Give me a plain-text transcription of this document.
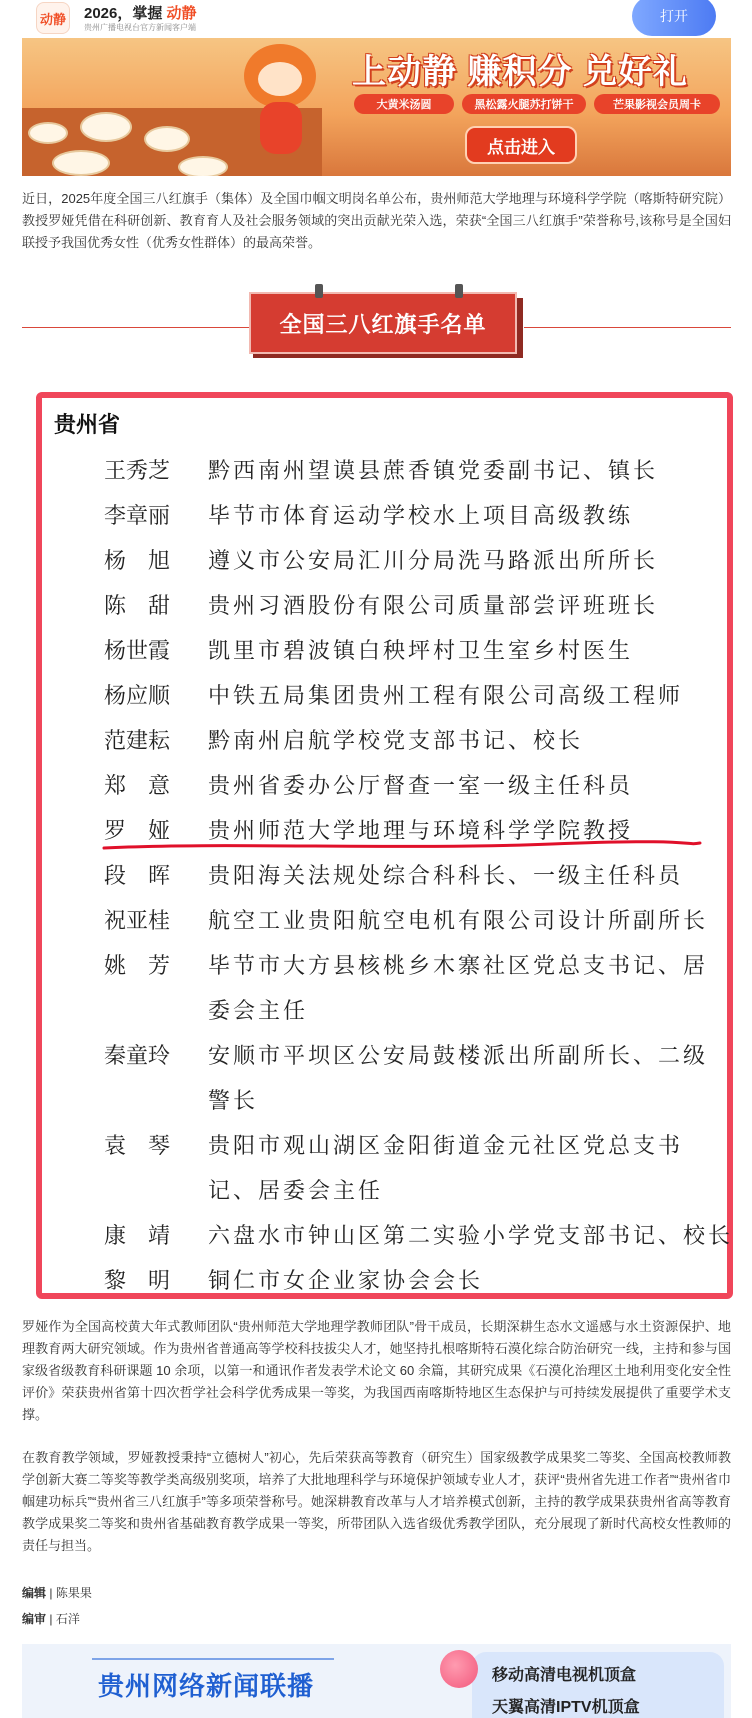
动静 2026，掌握 动静
贵州广播电视台官方新闻客户端
打开
上动静 赚积分 兑好礼
大黄米汤圆	黑松露火腿苏打饼干	芒果影视会员周卡
点击进入

近日，2025年度全国三八红旗手（集体）及全国巾帼文明岗名单公布，贵州师范大学地理与环境科学学院（喀斯特研究院）教授罗娅凭借在科研创新、教育育人及社会服务领域的突出贡献光荣入选，荣获“全国三八红旗手”荣誉称号,该称号是全国妇联授予我国优秀女性（优秀女性群体）的最高荣誉。

全国三八红旗手名单
贵州省
王秀芝	黔西南州望谟县蔗香镇党委副书记、镇长
李章丽	毕节市体育运动学校水上项目高级教练
杨　旭	遵义市公安局汇川分局洗马路派出所所长
陈　甜	贵州习酒股份有限公司质量部尝评班班长
杨世霞	凯里市碧波镇白秧坪村卫生室乡村医生
杨应顺	中铁五局集团贵州工程有限公司高级工程师
范建耘	黔南州启航学校党支部书记、校长
郑　意	贵州省委办公厅督查一室一级主任科员
罗　娅	贵州师范大学地理与环境科学学院教授
段　晖	贵阳海关法规处综合科科长、一级主任科员
祝亚桂	航空工业贵阳航空电机有限公司设计所副所长
姚　芳	毕节市大方县核桃乡木寨社区党总支书记、居
委会主任
秦童玲	安顺市平坝区公安局鼓楼派出所副所长、二级
警长
袁　琴	贵阳市观山湖区金阳街道金元社区党总支书
记、居委会主任
康　靖	六盘水市钟山区第二实验小学党支部书记、校长
黎　明	铜仁市女企业家协会会长

罗娅作为全国高校黄大年式教师团队“贵州师范大学地理学教师团队”骨干成员，长期深耕生态水文遥感与水土资源保护、地理教育两大研究领域。作为贵州省普通高等学校科技拔尖人才，她坚持扎根喀斯特石漠化综合防治研究一线，主持和参与国家级省级教育科研课题 10 余项，以第一和通讯作者发表学术论文 60 余篇，其研究成果《石漠化治理区土地利用变化安全性评价》荣获贵州省第十四次哲学社会科学优秀成果一等奖，为我国西南喀斯特地区生态保护与可持续发展提供了重要学术支撑。

在教育教学领域，罗娅教授秉持“立德树人”初心，先后荣获高等教育（研究生）国家级教学成果奖二等奖、全国高校教师教学创新大赛二等奖等教学类高级别奖项，培养了大批地理科学与环境保护领域专业人才，获评“贵州省先进工作者”“贵州省巾帼建功标兵”“贵州省三八红旗手”等多项荣誉称号。她深耕教育改革与人才培养模式创新，主持的教学成果获贵州省高等教育教学成果奖二等奖和贵州省基础教育教学成果一等奖，所带团队入选省级优秀教学团队，充分展现了新时代高校女性教师的责任与担当。

编辑 | 陈果果
编审 | 石洋
贵州网络新闻联播	移动高清电视机顶盒
天翼高清IPTV机顶盒
